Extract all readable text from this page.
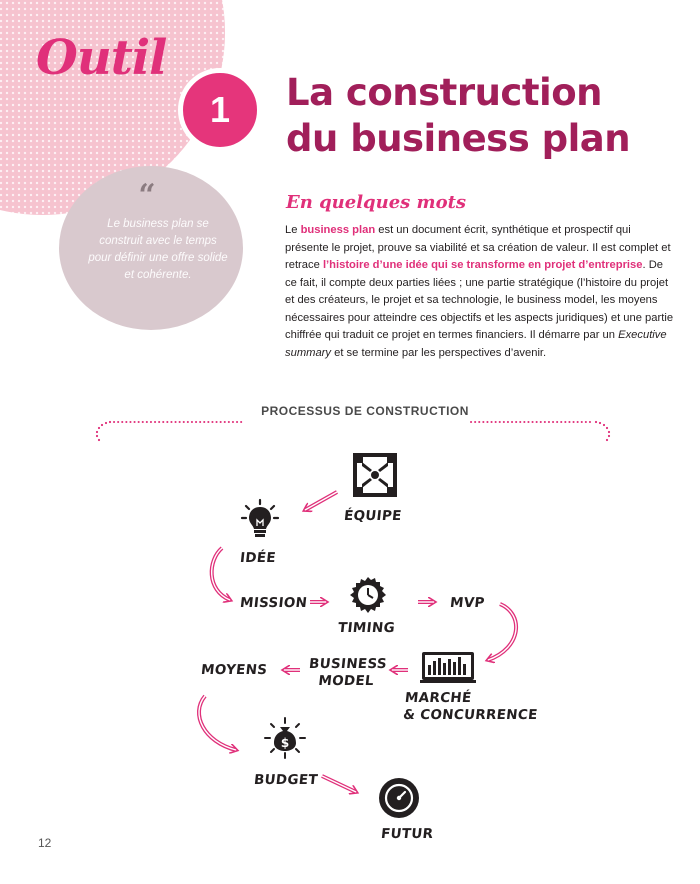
Outil
1	La construction
du business plan
“
Le business plan se construit avec le temps pour définir une offre solide et cohérente.
En quelques mots
Le business plan est un document écrit, synthétique et prospectif qui présente le projet, prouve sa viabilité et sa création de valeur. Il est complet et retrace l’histoire d’une idée qui se transforme en projet d’entreprise. De ce fait, il compte deux parties liées ; une partie stratégique (l’histoire du projet et des créateurs, le projet et sa technologie, le business model, les moyens nécessaires pour atteindre ces objectifs et les aspects juridiques) et une partie chiffrée qui traduit ce projet en termes financiers. Il démarre par un Executive summary et se termine par les perspectives d’avenir.
PROCESSUS DE CONSTRUCTION
$
ÉQUIPE
IDÉE
MISSION
TIMING
MVP
BUSINESS
MODEL
MOYENS
MARCHÉ
& CONCURRENCE
BUDGET
FUTUR
12
